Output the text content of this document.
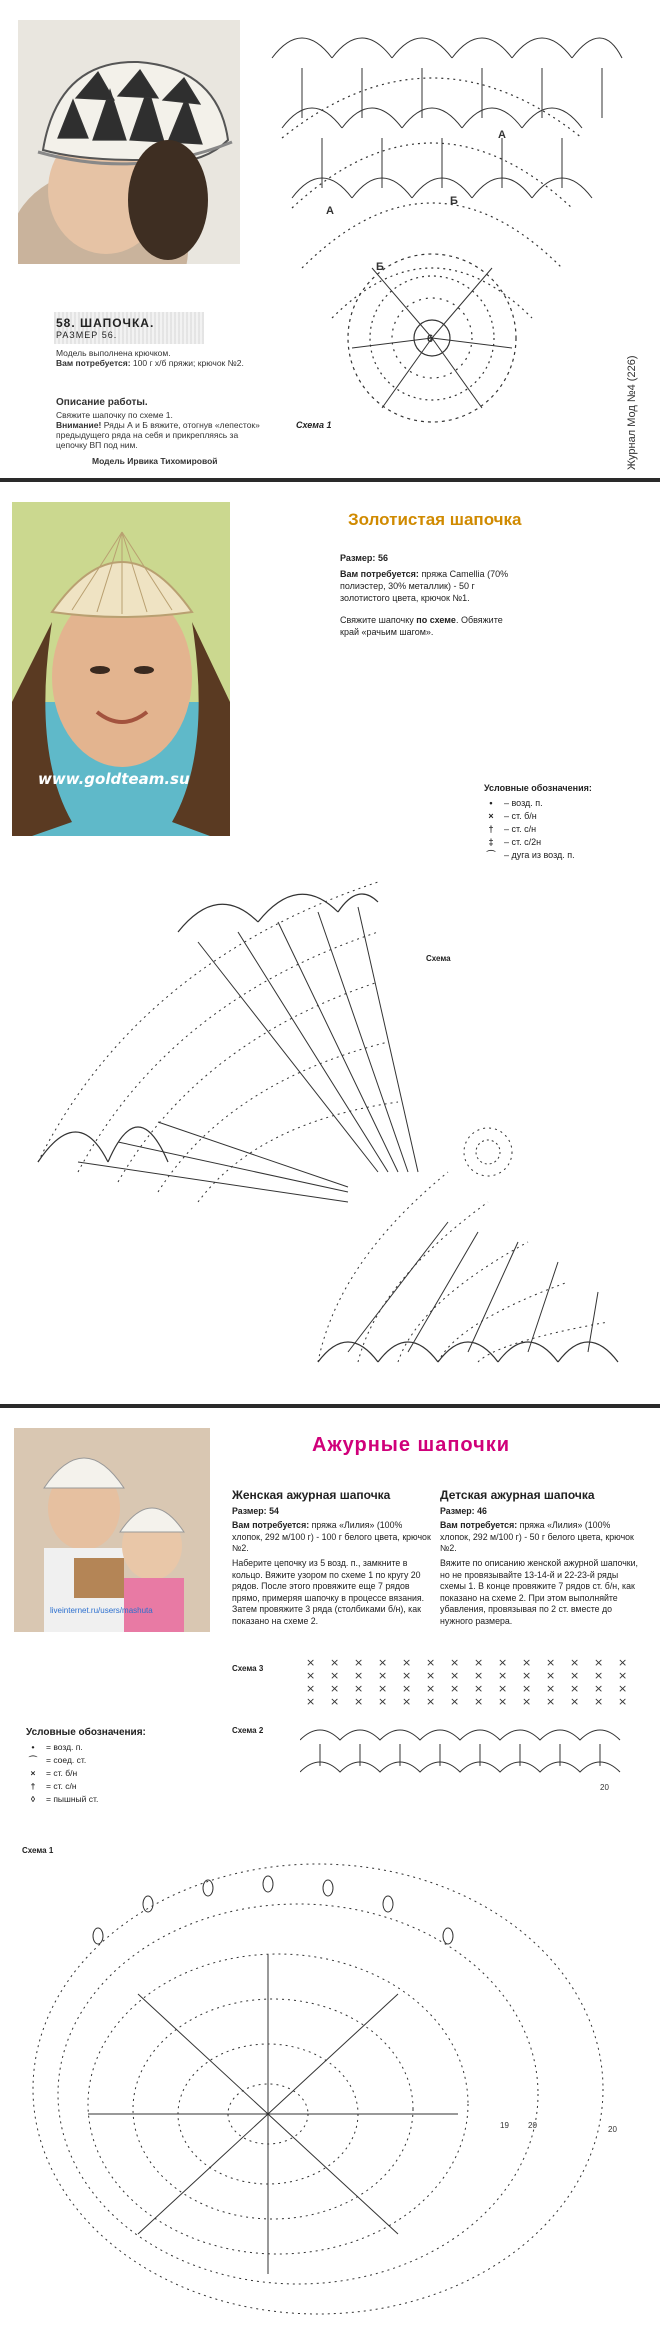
58. ШАПОЧКА.
РАЗМЕР 56.
Модель выполнена крючком.
Вам потребуется: 100 г х/б пряжи; крючок №2.
Описание работы.
Свяжите шапочку по схеме 1.
Внимание! Ряды А и Б вяжите, отогнув «лепесток» предыдущего ряда на себя и прикрепляясь за цепочку ВП под ним.
Модель Ирвика Тихомировой
А
Б
Б
А
6
Схема 1	Журнал Мод №4 (226)
www.goldteam.su
Золотистая шапочка
Размер: 56
Вам потребуется: пряжа Camellia (70% полиэстер, 30% металлик) - 50 г золотистого цвета, крючок №1.
Свяжите шапочку по схеме. Обвяжите край «рачьим шагом».
Условные обозначения:
•	– возд. п.
×	– ст. б/н
†	– ст. с/н
‡	– ст. с/2н
⌒ – дуга из возд. п.
Схема
liveinternet.ru/users/mashuta
Ажурные шапочки
Женская ажурная шапочка
Размер: 54
Вам потребуется: пряжа «Лилия» (100% хлопок, 292 м/100 г) - 100 г белого цвета, крючок №2.
Наберите цепочку из 5 возд. п., замкните в кольцо. Вяжите узором по схеме 1 по кругу 20 рядов. После этого провяжите еще 7 рядов прямо, примеряя шапочку в процессе вязания. Затем провяжите 3 ряда (столбиками б/н), как показано на схеме 2.
Детская ажурная шапочка
Размер: 46
Вам потребуется: пряжа «Лилия» (100% хлопок, 292 м/100 г) - 50 г белого цвета, крючок №2.
Вяжите по описанию женской ажурной шапочки, но не провязывайте 13-14-й и 22-23-й ряды схемы 1. В конце провяжите 7 рядов ст. б/н, как показано на схеме 2. При этом выполняйте убавления, провязывая по 2 ст. вместе до нужного размера.
Условные обозначения:
•	= возд. п.
⌒	= соед. ст.
×	= ст. б/н
†	= ст. с/н
◊	= пышный ст.
Схема 3
Схема 2
× × × × × × × × × × × × × ×
× × × × × × × × × × × × × ×
× × × × × × × × × × × × × ×
× × × × × × × × × × × × × ×
20
Схема 1
19 20	20
